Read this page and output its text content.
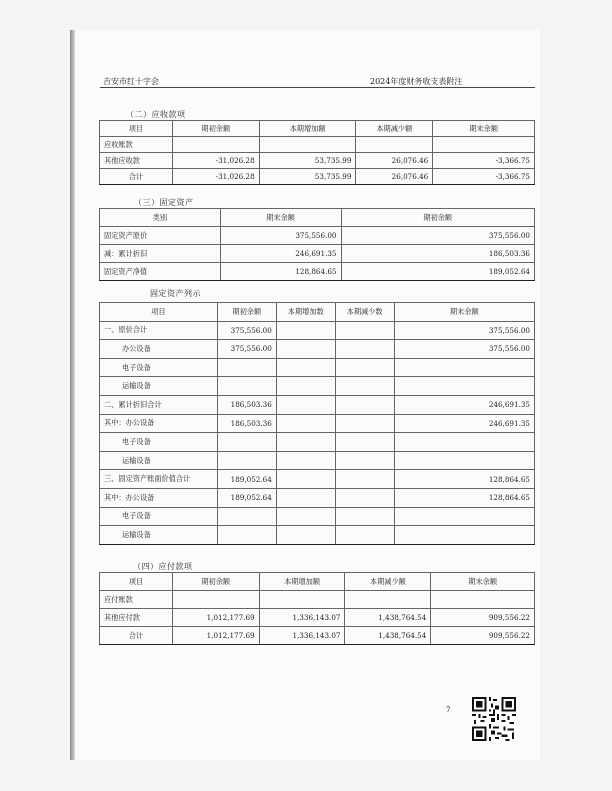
吉安市红十字会	2024年度财务收支表附注
（二）应收款项
项目	期初余额	本期增加额	本期减少额	期末余额
应收账款				
其他应收款	-31,026.28	53,735.99	26,076.46	-3,366.75
合计	-31,026.28	53,735.99	26,076.46	-3,366.75
（三）固定资产
类别	期末余额	期初余额
固定资产原价	375,556.00	375,556.00
减：累计折旧	246,691.35	186,503.36
固定资产净值	128,864.65	189,052.64
固定资产列示
项目	期初余额	本期增加数	本期减少数	期末余额
一、原价合计	375,556.00			375,556.00
办公设备	375,556.00			375,556.00
电子设备				
运输设备				
二、累计折旧合计	186,503.36			246,691.35
其中：办公设备	186,503.36			246,691.35
电子设备				
运输设备				
三、固定资产账面价值合计	189,052.64			128,864.65
其中：办公设备	189,052.64			128,864.65
电子设备				
运输设备				
（四）应付款项
项目	期初余额	本期增加额	本期减少额	期末余额
应付账款				
其他应付款	1,012,177.69	1,336,143.07	1,438,764.54	909,556.22
合计	1,012,177.69	1,336,143.07	1,438,764.54	909,556.22
7
